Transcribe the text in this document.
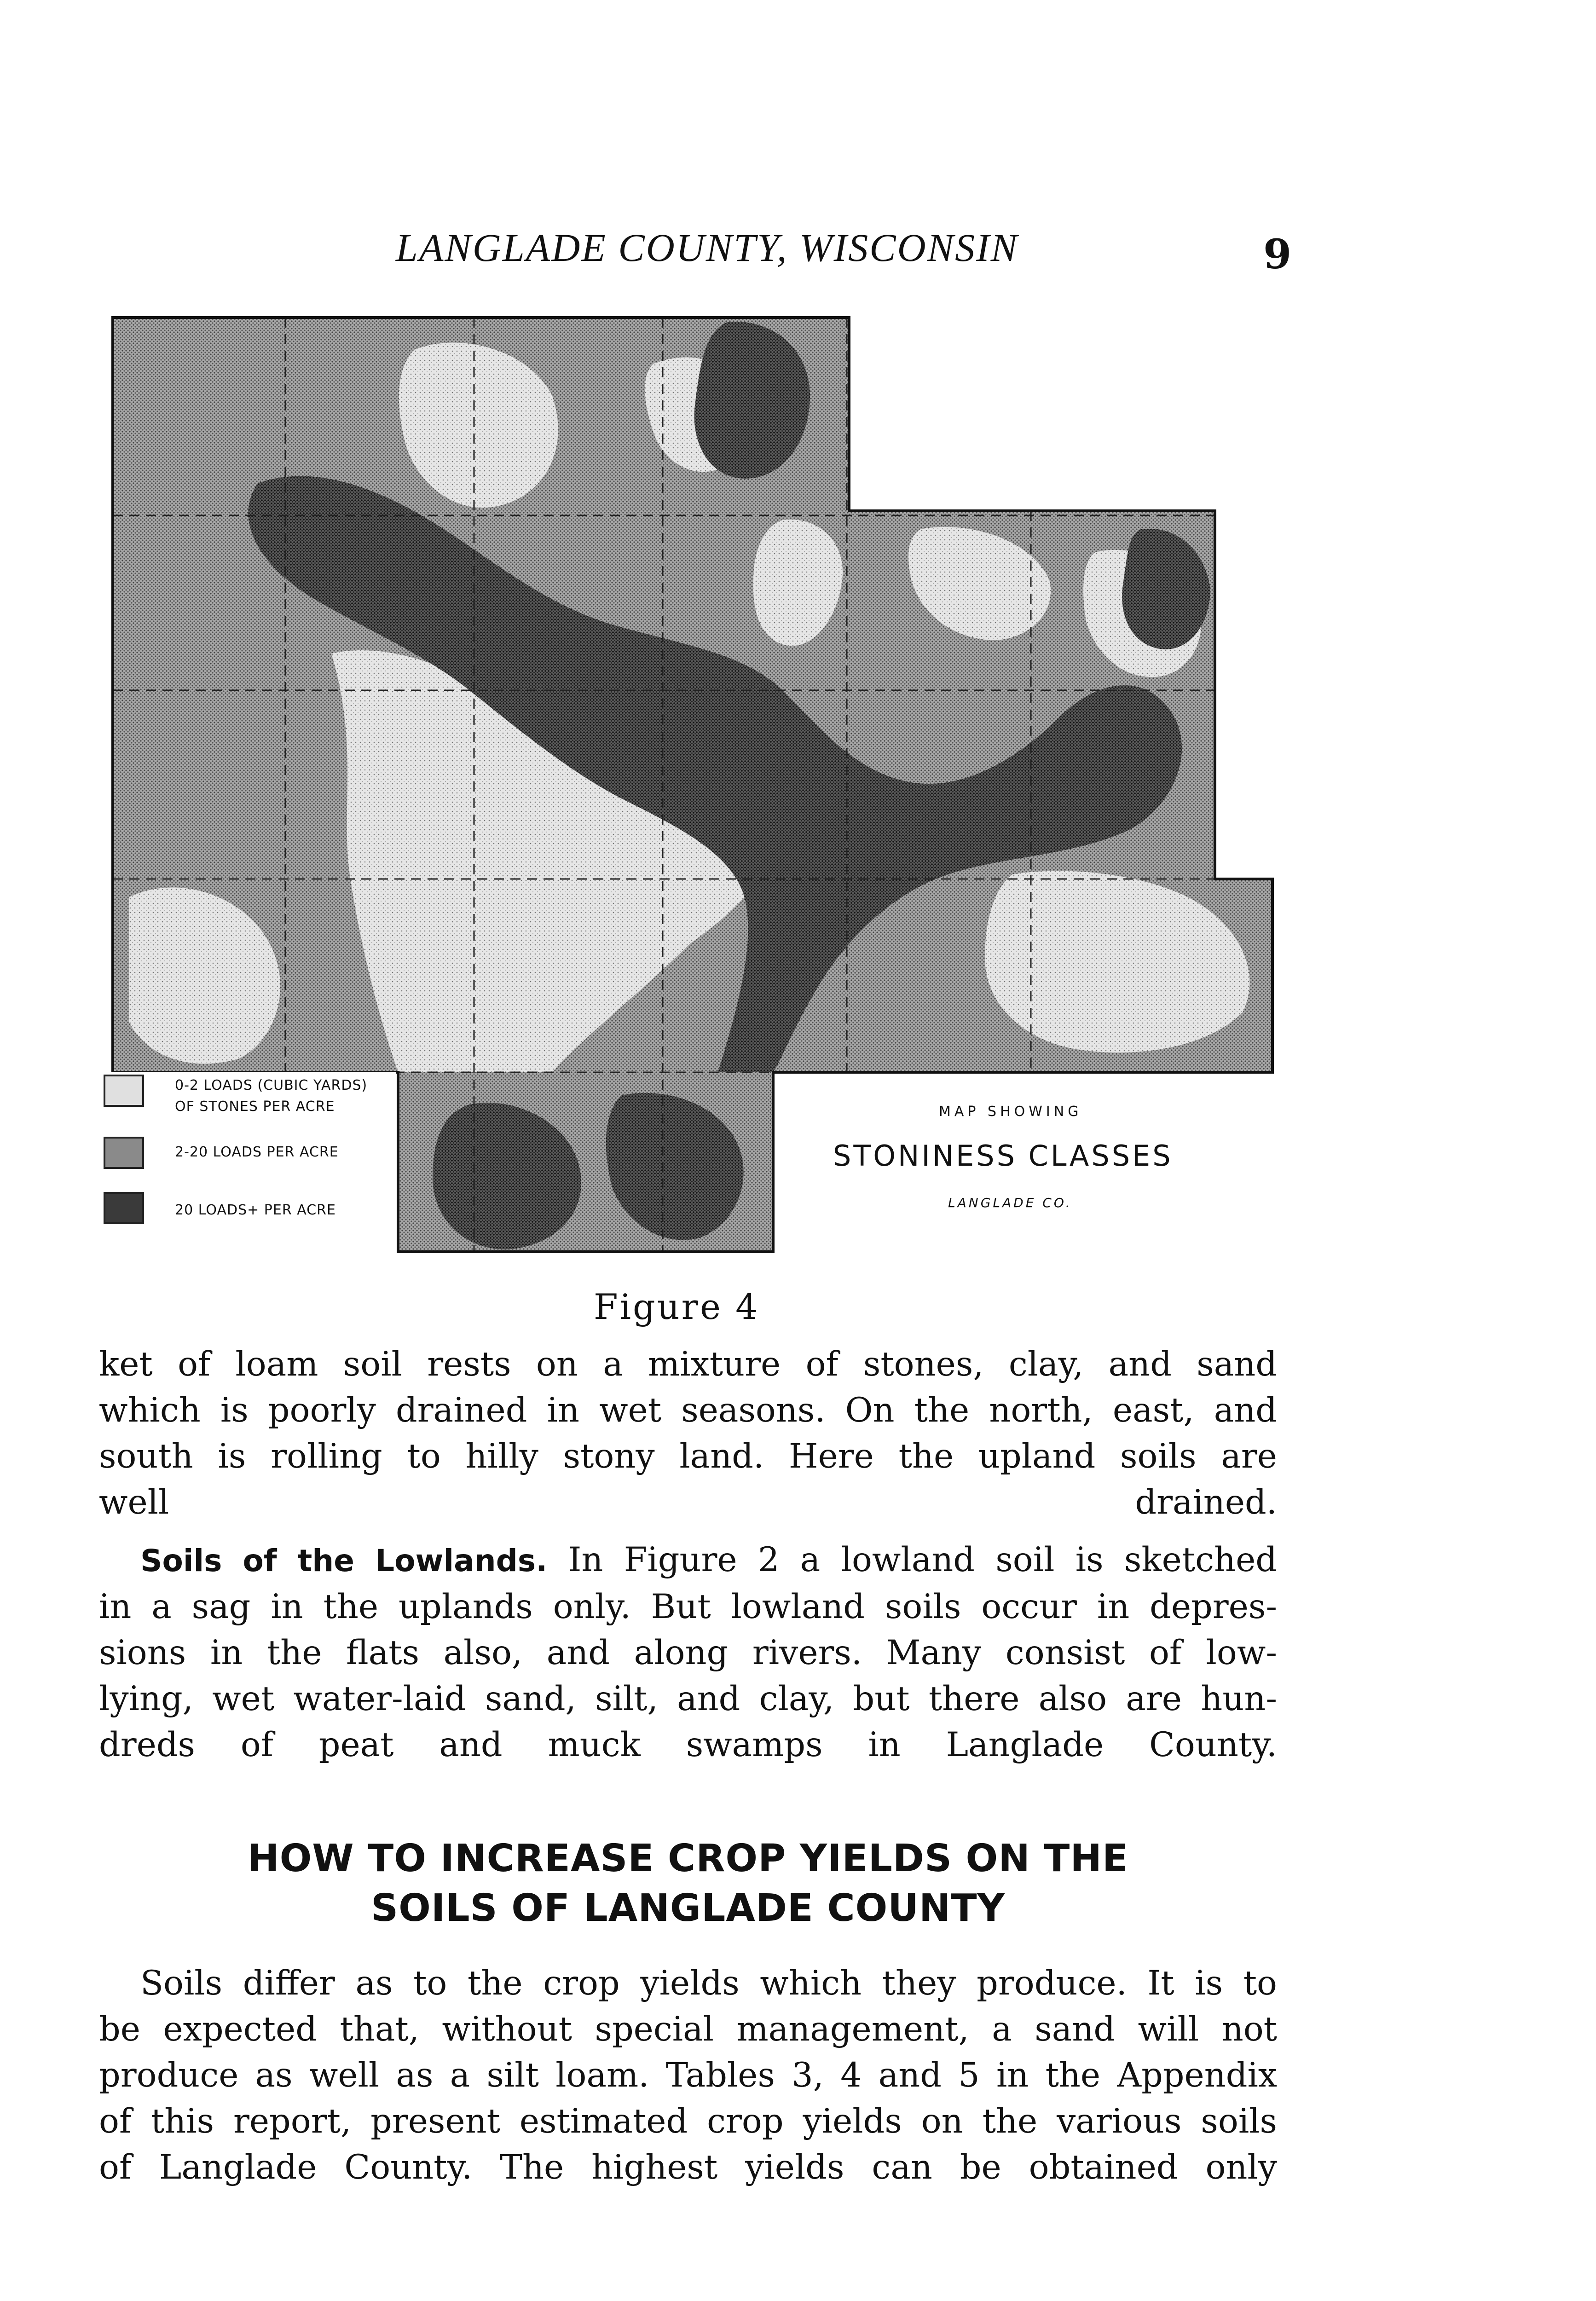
LANGLADE COUNTY, WISCONSIN	9
0-2 LOADS (CUBIC YARDS)
OF STONES PER ACRE
2-20 LOADS PER ACRE
20 LOADS+ PER ACRE
MAP SHOWING
STONINESS CLASSES
LANGLADE CO.
Figure 4
ket of loam soil rests on a mixture of stones, clay, and sand
which is poorly drained in wet seasons. On the north, east, and
south is rolling to hilly stony land. Here the upland soils are
well drained.
Soils of the Lowlands. In Figure 2 a lowland soil is sketched
in a sag in the uplands only. But lowland soils occur in depres-
sions in the flats also, and along rivers. Many consist of low-
lying, wet water-laid sand, silt, and clay, but there also are hun-
dreds of peat and muck swamps in Langlade County.
HOW TO INCREASE CROP YIELDS ON THE
SOILS OF LANGLADE COUNTY
Soils differ as to the crop yields which they produce. It is to
be expected that, without special management, a sand will not
produce as well as a silt loam. Tables 3, 4 and 5 in the Appendix
of this report, present estimated crop yields on the various soils
of Langlade County. The highest yields can be obtained only
